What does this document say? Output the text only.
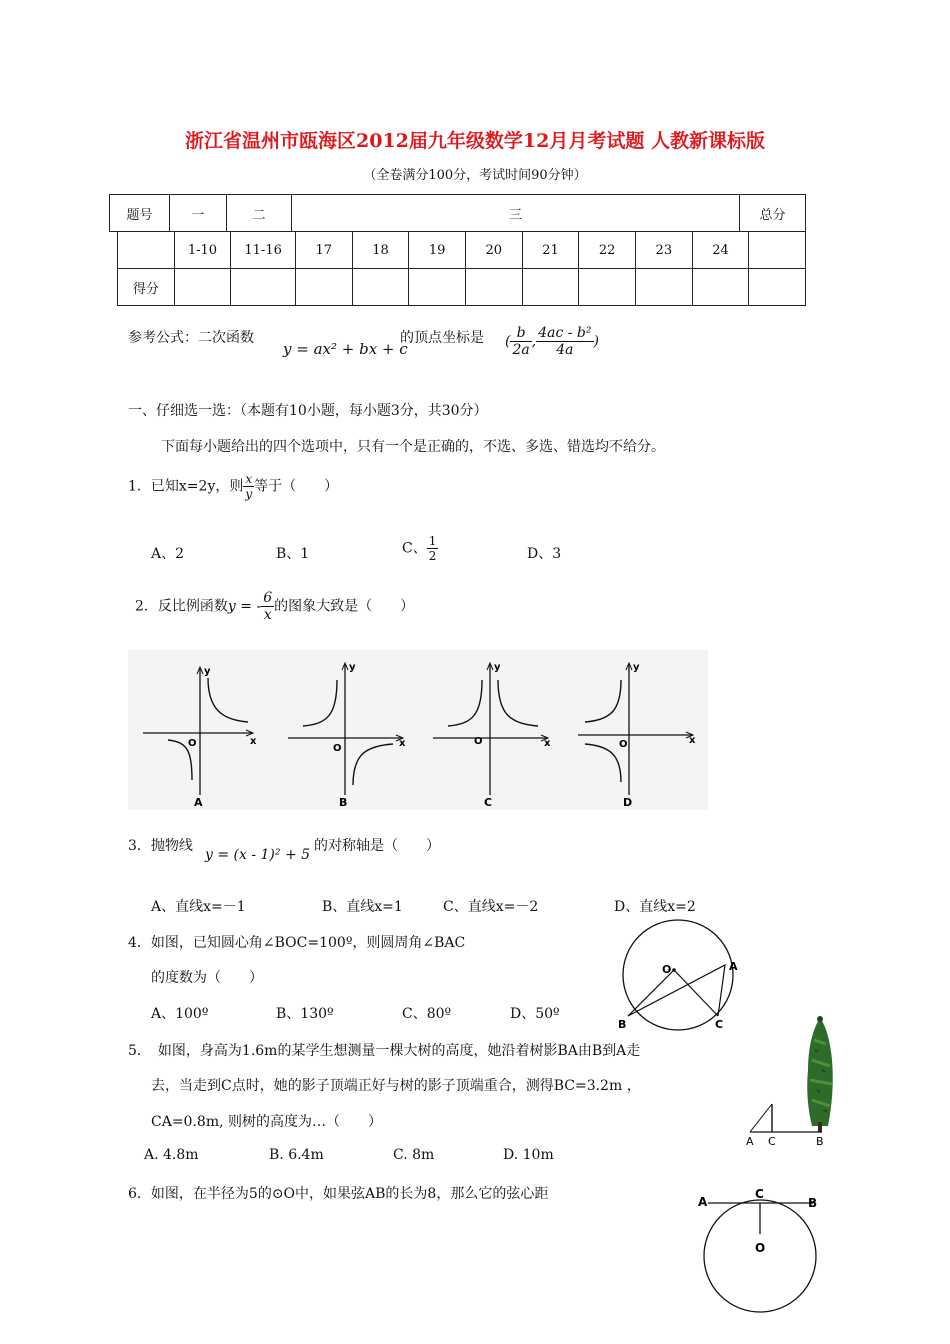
浙江省温州市瓯海区2012届九年级数学12月月考试题 人教新课标版
（全卷满分100分，考试时间90分钟）
题号	一	二	三	总分
	1-10	11-16	17	18	19	20	21	22	23	24	
得分											
参考公式：二次函数
y = ax² + bx + c
的顶点坐标是 ( $\frac{b}{2a}$ , $\frac{\text{4ac - b²}}{4a}$ )
一、仔细选一选：（本题有10小题，每小题3分，共30分）
下面每小题给出的四个选项中，只有一个是正确的，不选、多选、错选均不给分。
1．已知x=2y，则 $\frac{x}{y}$ 等于（　　）
A、2	B、1	C、 $\frac{1}{2}$	D、3
2．反比例函数y = - $\frac{6}{x}$ 的图象大致是（　　）
y
x
O
A
y
x
O
B
y
x
O
C
y
x
O
D
3．抛物线
y = (x - 1)² + 5
的对称轴是（　　）
A、直线x=－1	B、直线x=1	C、直线x=－2	D、直线x=2
4．如图，已知圆心角∠BOC=100º，则圆周角∠BAC
的度数为（　　）
A、100º	B、130º	C、80º	D、50º
O	A
B	C
5．　如图，身高为1.6m的某学生想测量一棵大树的高度，她沿着树影BA由B到A走
去，当走到C点时，她的影子顶端正好与树的影子顶端重合，测得BC=3.2m ，
CA=0.8m, 则树的高度为…（　　）
A. 4.8m	B. 6.4m	C. 8m	D. 10m
A C	B
6．如图，在半径为5的⊙O中，如果弦AB的长为8，那么它的弦心距	A
C
B
O
